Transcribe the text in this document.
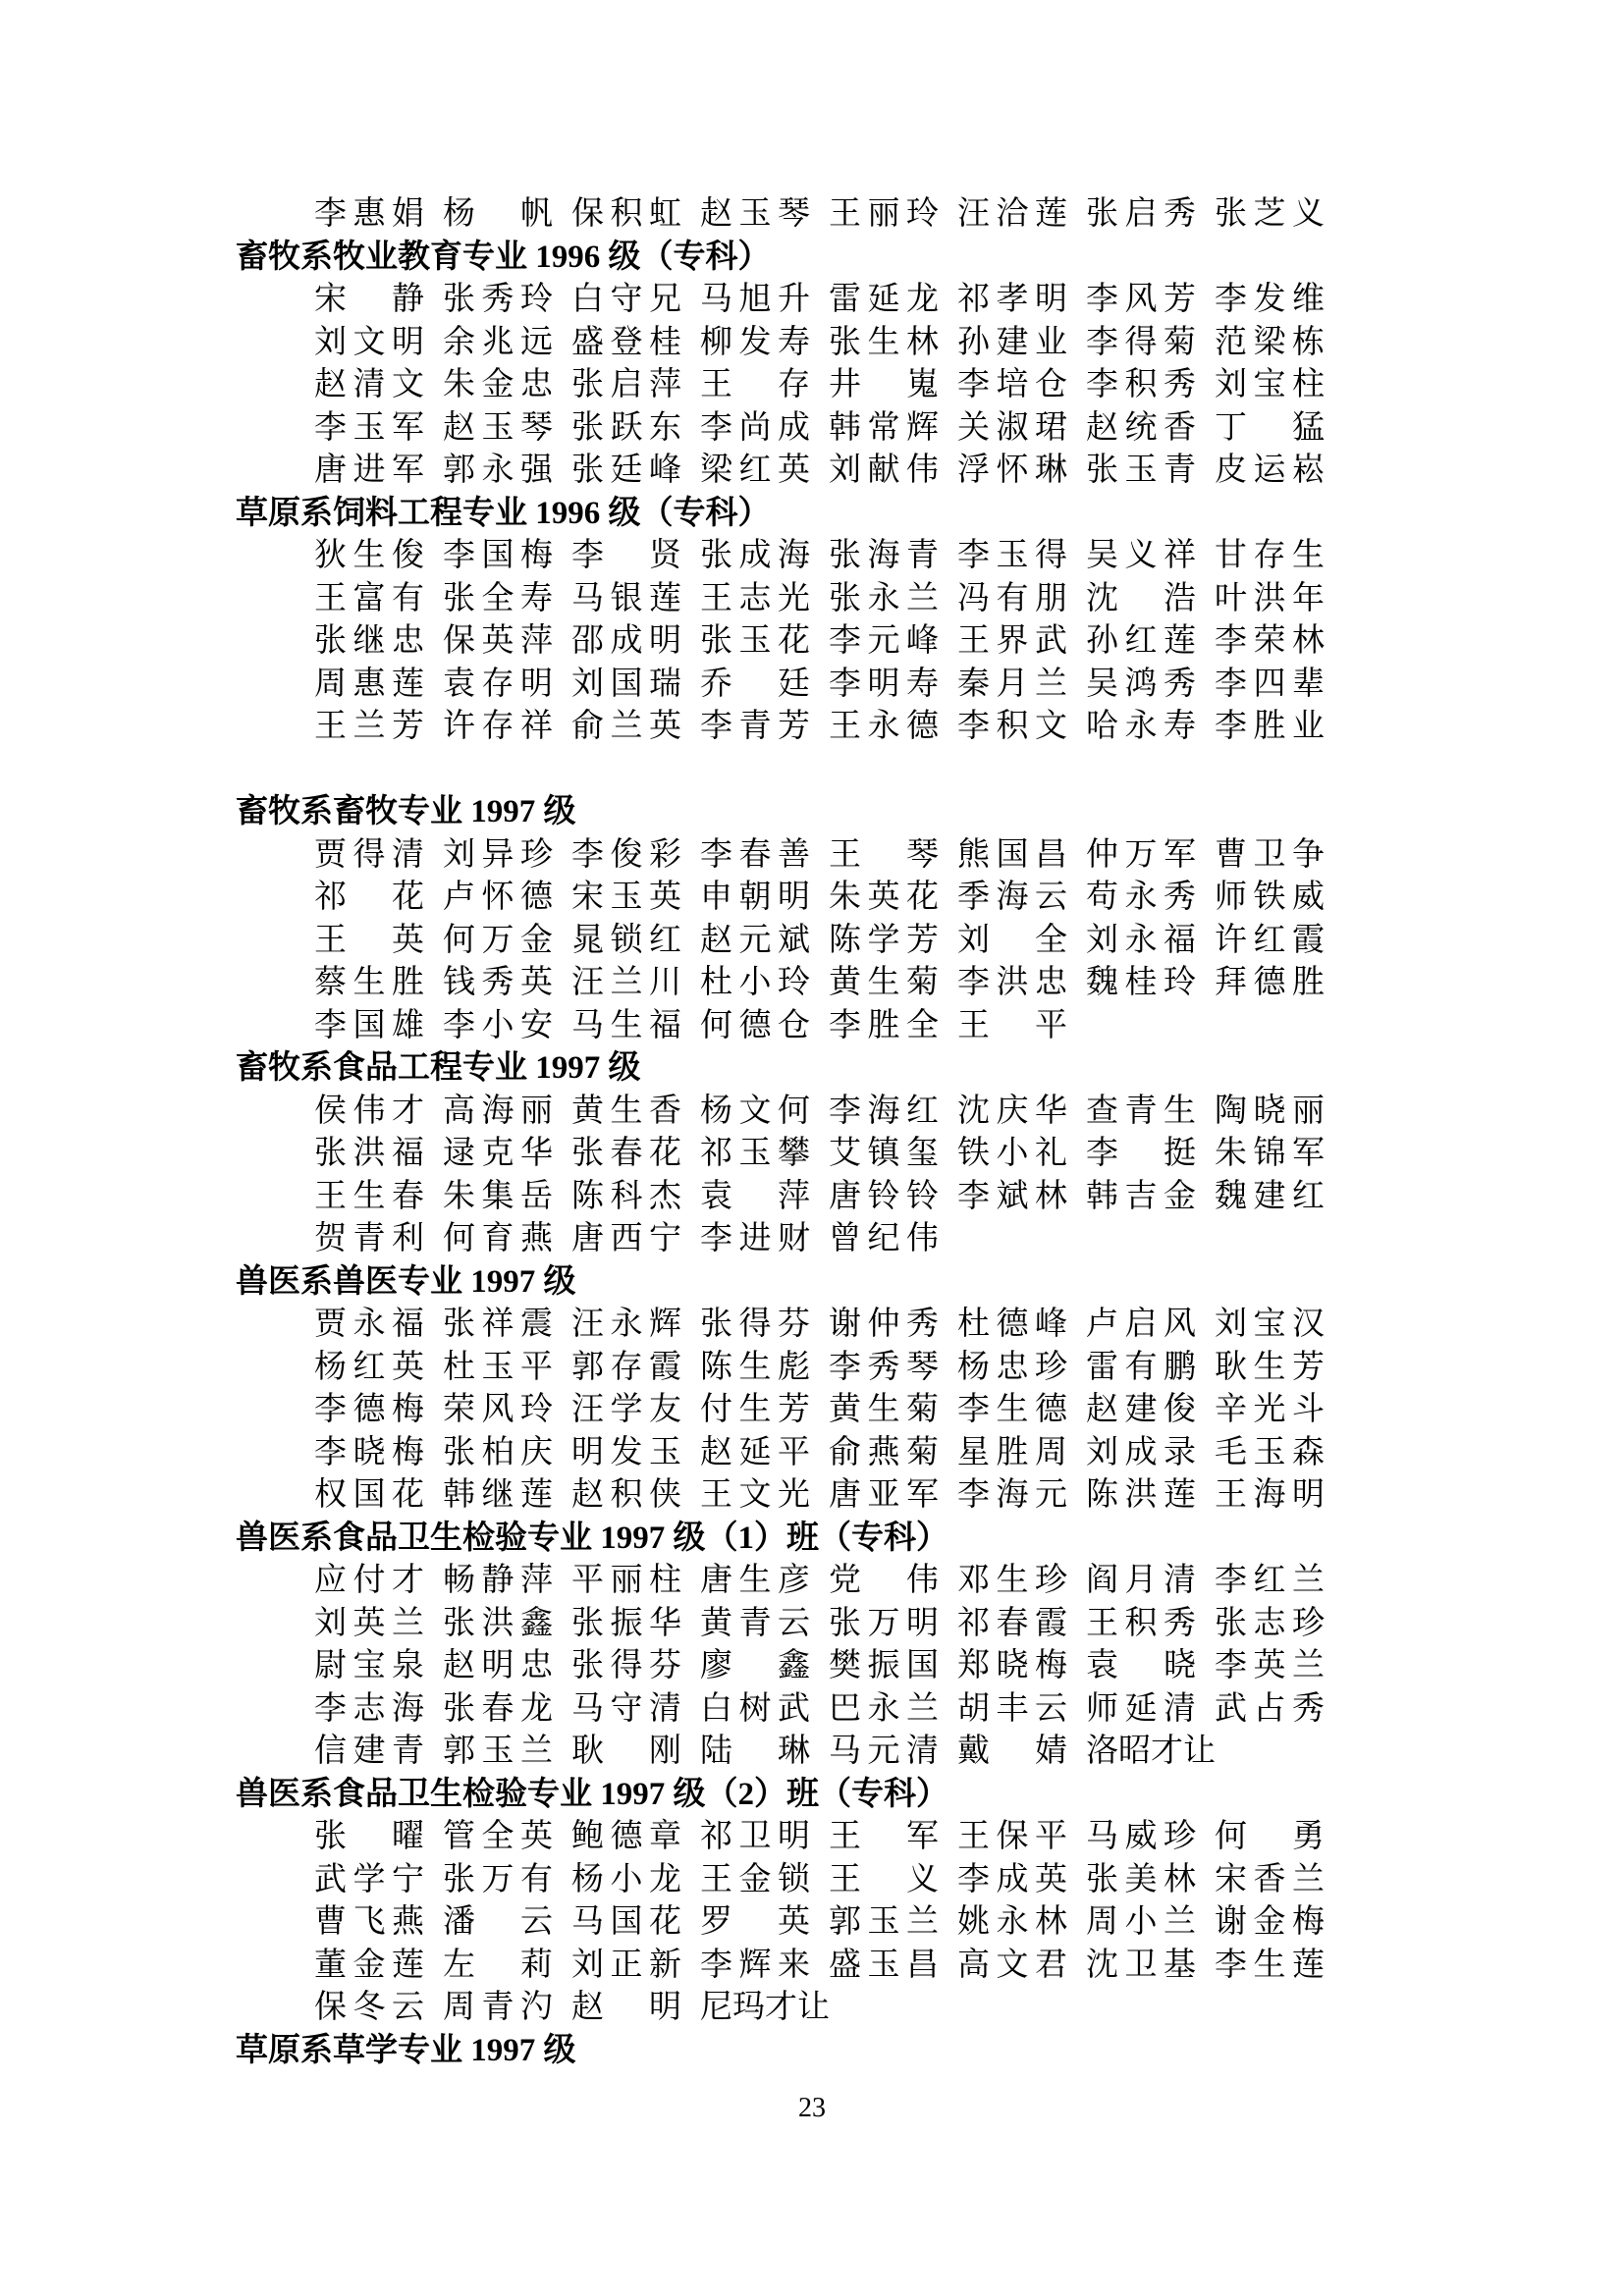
李 惠 娟 杨 帆 保 积 虹 赵 玉 琴 王 丽 玲 汪 洽 莲 张 启 秀 张 芝 义
畜牧系牧业教育专业 1996 级（专科）
宋 静 张 秀 玲 白 守 兄 马 旭 升 雷 延 龙 祁 孝 明 李 风 芳 李 发 维
刘 文 明 余 兆 远 盛 登 桂 柳 发 寿 张 生 林 孙 建 业 李 得 菊 范 梁 栋
赵 清 文 朱 金 忠 张 启 萍 王 存 井 嵬 李 培 仓 李 积 秀 刘 宝 柱
李 玉 军 赵 玉 琴 张 跃 东 李 尚 成 韩 常 辉 关 淑 珺 赵 统 香 丁 猛
唐 进 军 郭 永 强 张 廷 峰 梁 红 英 刘 献 伟 浮 怀 琳 张 玉 青 皮 运 崧
草原系饲料工程专业 1996 级（专科）
狄 生 俊 李 国 梅 李 贤 张 成 海 张 海 青 李 玉 得 吴 义 祥 甘 存 生
王 富 有 张 全 寿 马 银 莲 王 志 光 张 永 兰 冯 有 朋 沈 浩 叶 洪 年
张 继 忠 保 英 萍 邵 成 明 张 玉 花 李 元 峰 王 界 武 孙 红 莲 李 荣 林
周 惠 莲 袁 存 明 刘 国 瑞 乔 廷 李 明 寿 秦 月 兰 吴 鸿 秀 李 四 辈
王 兰 芳 许 存 祥 俞 兰 英 李 青 芳 王 永 德 李 积 文 哈 永 寿 李 胜 业
畜牧系畜牧专业 1997 级
贾 得 清 刘 异 珍 李 俊 彩 李 春 善 王 琴 熊 国 昌 仲 万 军 曹 卫 争
祁 花 卢 怀 德 宋 玉 英 申 朝 明 朱 英 花 季 海 云 苟 永 秀 师 铁 威
王 英 何 万 金 晁 锁 红 赵 元 斌 陈 学 芳 刘 全 刘 永 福 许 红 霞
蔡 生 胜 钱 秀 英 汪 兰 川 杜 小 玲 黄 生 菊 李 洪 忠 魏 桂 玲 拜 德 胜
李 国 雄 李 小 安 马 生 福 何 德 仓 李 胜 全 王 平
畜牧系食品工程专业 1997 级
侯 伟 才 高 海 丽 黄 生 香 杨 文 何 李 海 红 沈 庆 华 查 青 生 陶 晓 丽
张 洪 福 逯 克 华 张 春 花 祁 玉 攀 艾 镇 玺 铁 小 礼 李 挺 朱 锦 军
王 生 春 朱 集 岳 陈 科 杰 袁 萍 唐 铃 铃 李 斌 林 韩 吉 金 魏 建 红
贺 青 利 何 育 燕 唐 西 宁 李 进 财 曾 纪 伟
兽医系兽医专业 1997 级
贾 永 福 张 祥 震 汪 永 辉 张 得 芬 谢 仲 秀 杜 德 峰 卢 启 风 刘 宝 汉
杨 红 英 杜 玉 平 郭 存 霞 陈 生 彪 李 秀 琴 杨 忠 珍 雷 有 鹏 耿 生 芳
李 德 梅 荣 风 玲 汪 学 友 付 生 芳 黄 生 菊 李 生 德 赵 建 俊 辛 光 斗
李 晓 梅 张 柏 庆 明 发 玉 赵 延 平 俞 燕 菊 星 胜 周 刘 成 录 毛 玉 森
权 国 花 韩 继 莲 赵 积 侠 王 文 光 唐 亚 军 李 海 元 陈 洪 莲 王 海 明
兽医系食品卫生检验专业 1997 级（1）班（专科）
应 付 才 畅 静 萍 平 丽 柱 唐 生 彦 党 伟 邓 生 珍 阎 月 清 李 红 兰
刘 英 兰 张 洪 鑫 张 振 华 黄 青 云 张 万 明 祁 春 霞 王 积 秀 张 志 珍
尉 宝 泉 赵 明 忠 张 得 芬 廖 鑫 樊 振 国 郑 晓 梅 袁 晓 李 英 兰
李 志 海 张 春 龙 马 守 清 白 树 武 巴 永 兰 胡 丰 云 师 延 清 武 占 秀
信 建 青 郭 玉 兰 耿 刚 陆 琳 马 元 清 戴 婧 洛 昭 才 让
兽医系食品卫生检验专业 1997 级（2）班（专科）
张 曜 管 全 英 鲍 德 章 祁 卫 明 王 军 王 保 平 马 威 珍 何 勇
武 学 宁 张 万 有 杨 小 龙 王 金 锁 王 义 李 成 英 张 美 林 宋 香 兰
曹 飞 燕 潘 云 马 国 花 罗 英 郭 玉 兰 姚 永 林 周 小 兰 谢 金 梅
董 金 莲 左 莉 刘 正 新 李 辉 来 盛 玉 昌 高 文 君 沈 卫 基 李 生 莲
保 冬 云 周 青 汋 赵 明 尼 玛 才 让
草原系草学专业 1997 级
23
